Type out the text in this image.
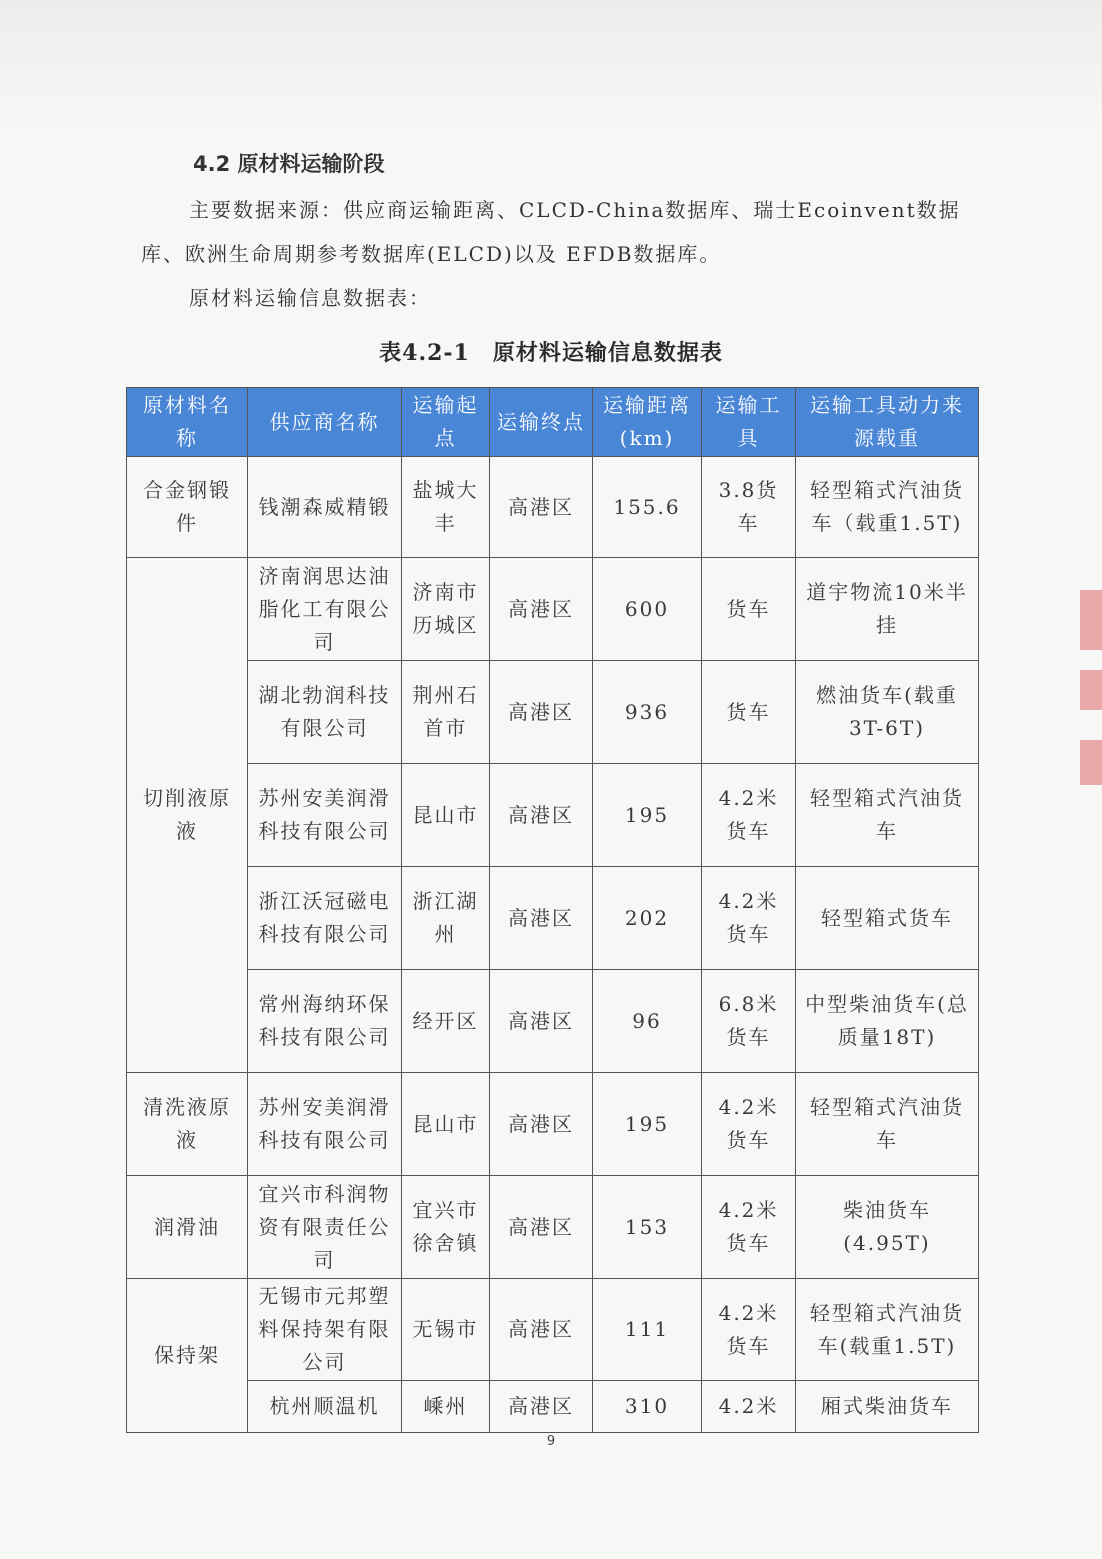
4.2 原材料运输阶段
主要数据来源：供应商运输距离、CLCD-China数据库、瑞士Ecoinvent数据库、欧洲生命周期参考数据库(ELCD)以及 EFDB数据库。
原材料运输信息数据表：
表4.2-1　原材料运输信息数据表
原材料名称	供应商名称	运输起点	运输终点	运输距离(km)	运输工具	运输工具动力来源载重
合金钢锻件	钱潮森威精锻	盐城大丰	高港区	155.6	3.8货车	轻型箱式汽油货车（载重1.5T)
切削液原液	济南润思达油脂化工有限公司	济南市历城区	高港区	600	货车	道宇物流10米半挂
	湖北勃润科技有限公司	荆州石首市	高港区	936	货车	燃油货车(载重3T-6T)
	苏州安美润滑科技有限公司	昆山市	高港区	195	4.2米货车	轻型箱式汽油货车
	浙江沃冠磁电科技有限公司	浙江湖州	高港区	202	4.2米货车	轻型箱式货车
	常州海纳环保科技有限公司	经开区	高港区	96	6.8米货车	中型柴油货车(总质量18T)
清洗液原液	苏州安美润滑科技有限公司	昆山市	高港区	195	4.2米货车	轻型箱式汽油货车
润滑油	宜兴市科润物资有限责任公司	宜兴市徐舍镇	高港区	153	4.2米货车	柴油货车(4.95T)
保持架	无锡市元邦塑料保持架有限公司	无锡市	高港区	111	4.2米货车	轻型箱式汽油货车(载重1.5T)
	杭州顺温机	嵊州	高港区	310	4.2米	厢式柴油货车
9
